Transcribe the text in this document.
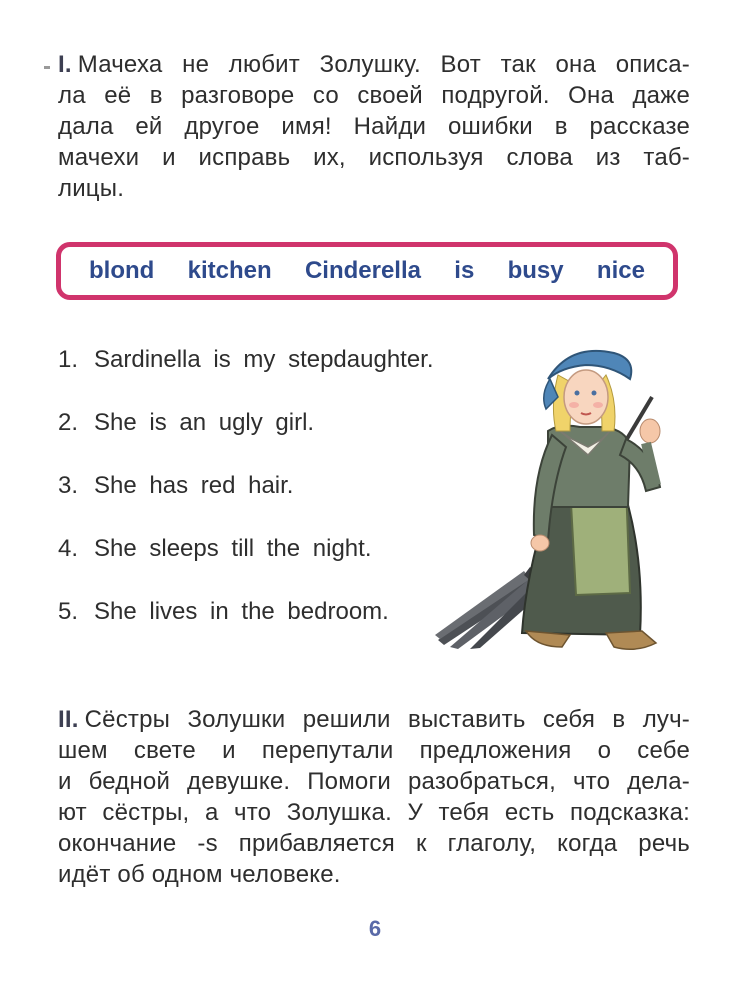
I. Мачеха не любит Золушку. Вот так она описа-
ла её в разговоре со своей подругой. Она даже
дала ей другое имя! Найди ошибки в рассказе
мачехи и исправь их, используя слова из таб-
лицы.
blond kitchen Cinderella is busy nice
1. Sardinella is my stepdaughter.
2. She is an ugly girl.
3. She has red hair.
4. She sleeps till the night.
5. She lives in the bedroom.
II. Сёстры Золушки решили выставить себя в луч-
шем свете и перепутали предложения о себе
и бедной девушке. Помоги разобраться, что дела-
ют сёстры, а что Золушка. У тебя есть подсказка:
окончание -s прибавляется к глаголу, когда речь
идёт об одном человеке.
6
